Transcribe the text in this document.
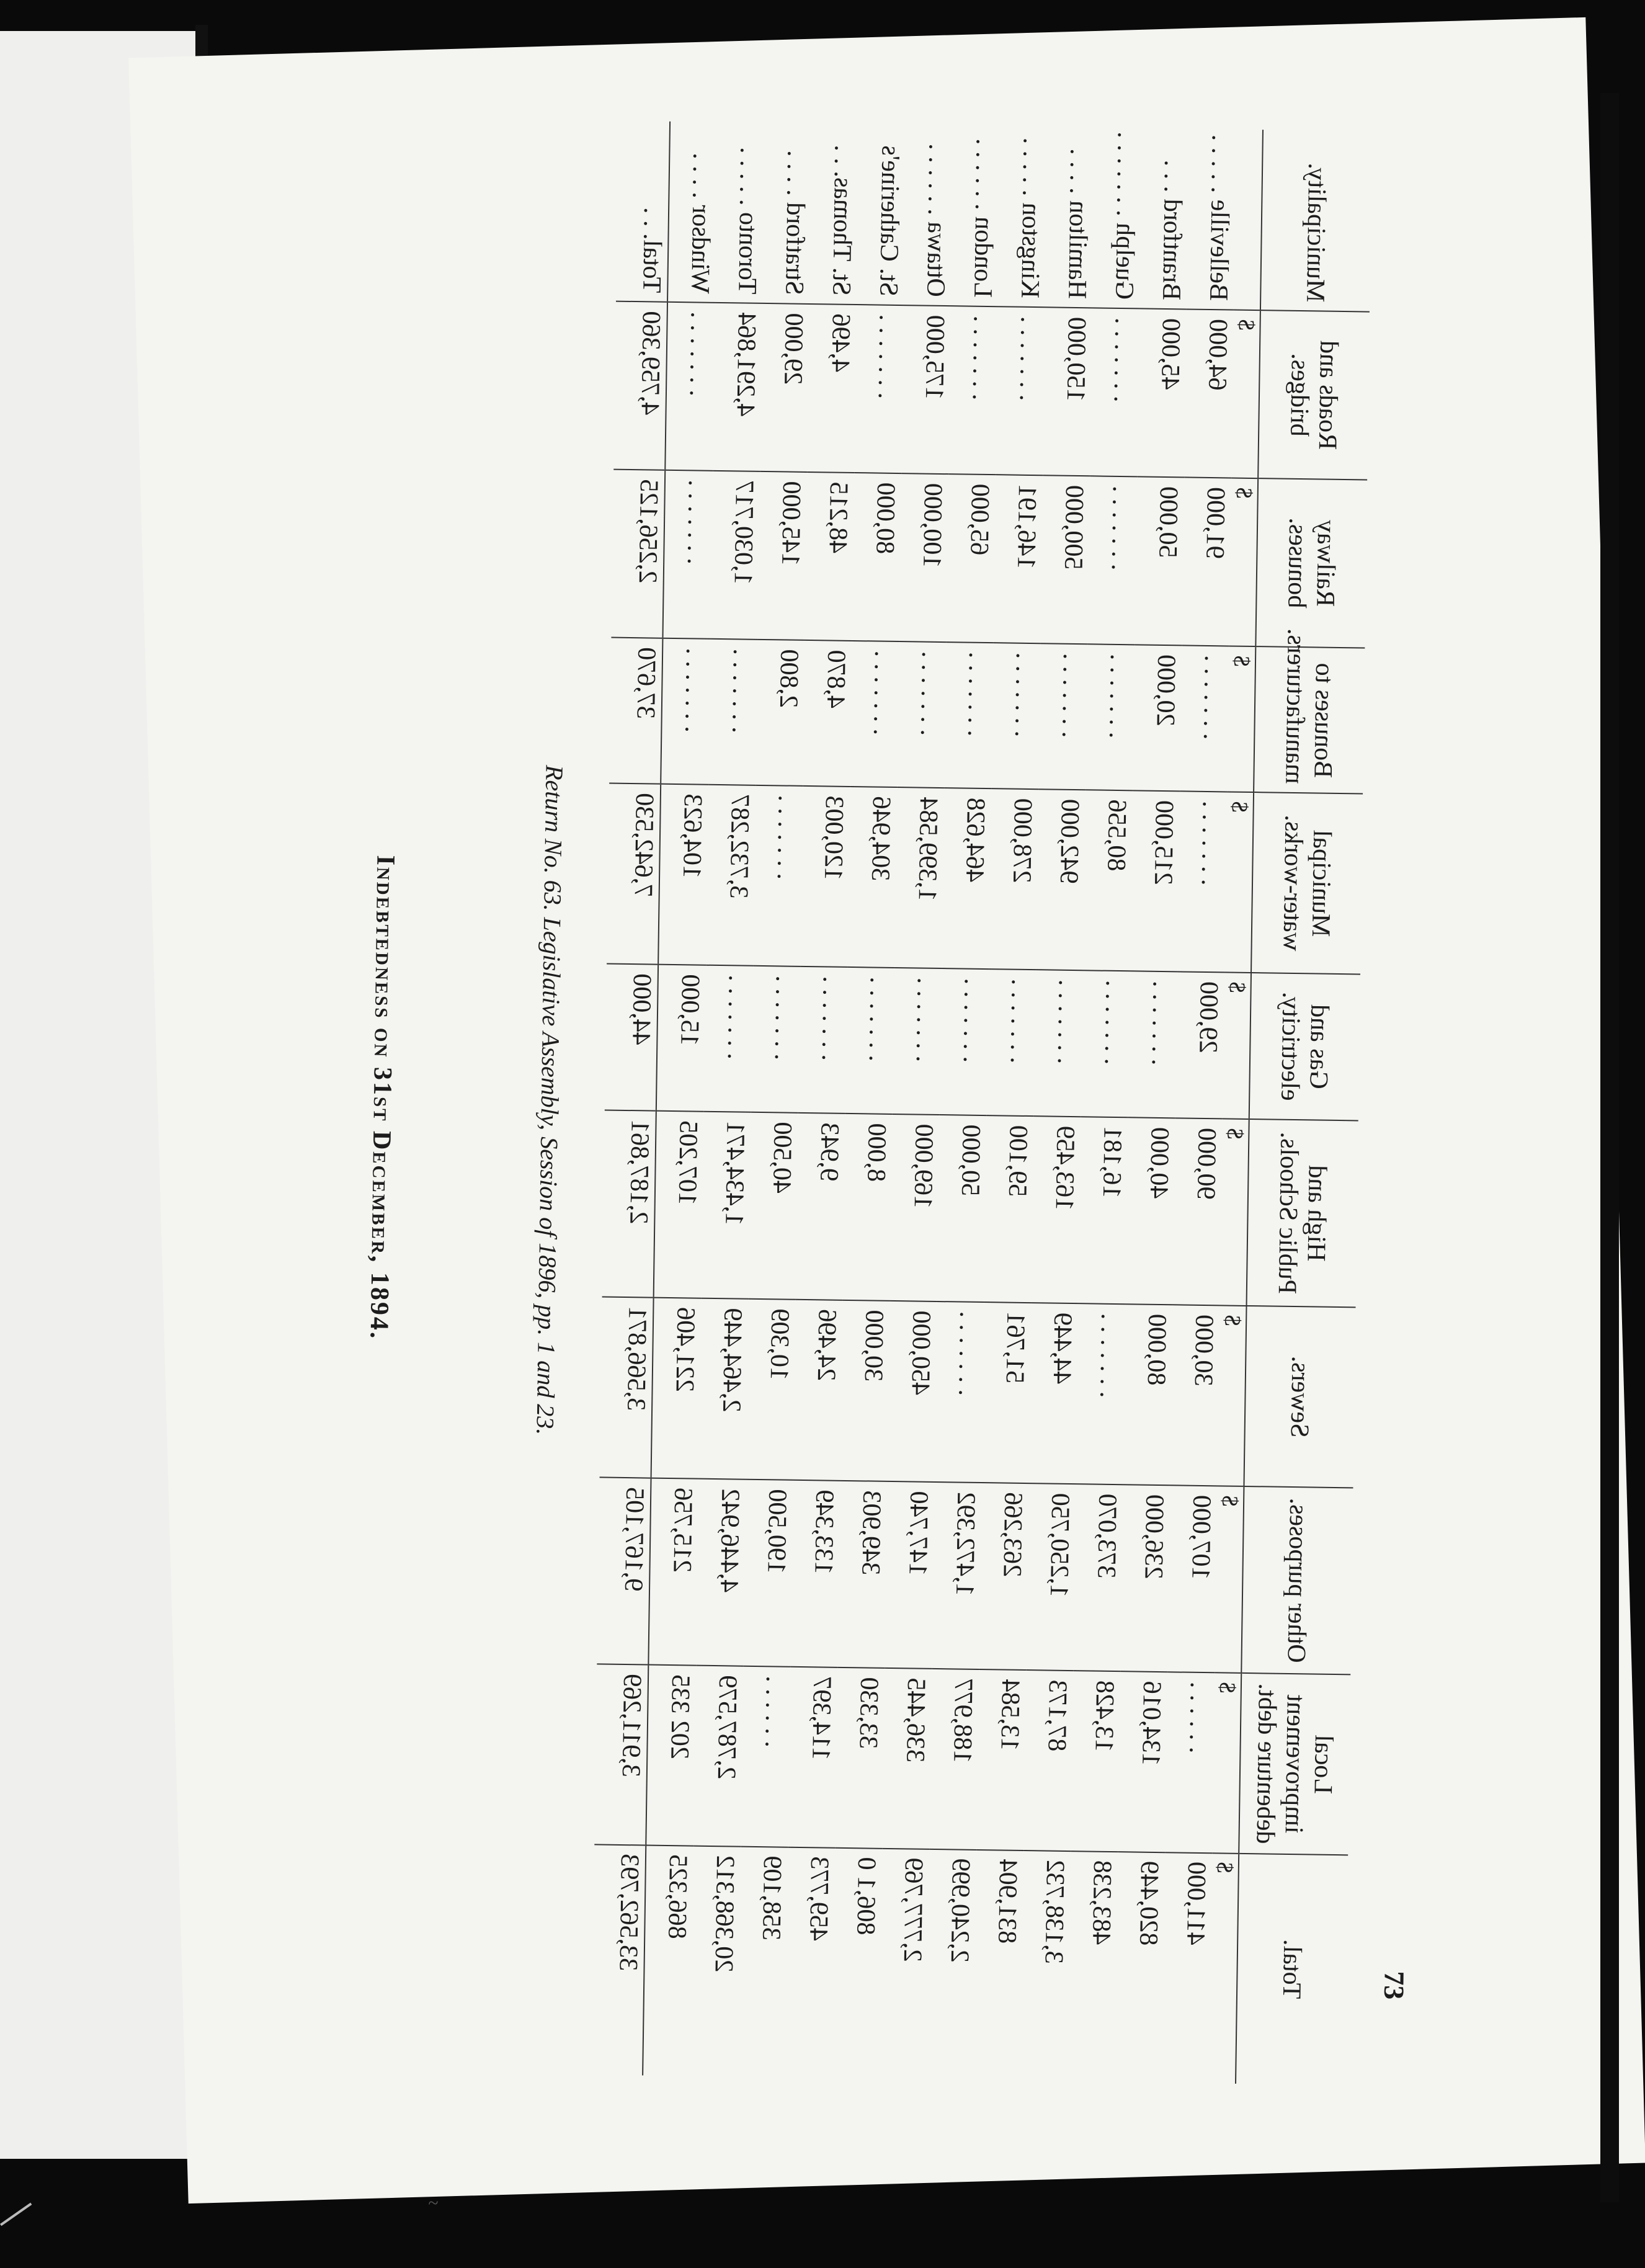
73
Municipality.	Roads and bridges.	Railway bonuses.	Bonuses to manufacturers.	Municipal water-works.	Gas and electricity.	High and Public Schools.	Sewers.	Other purposes.	Local improvement debenture debt.	Total.
	$	$	$	$	$	$	$	$	$	$
Belleville . . . . .	64,000	91,000	. . . . . . .	. . . . . . .	29,000	90,000	30,000	107,000	. . . . . .	411,000
Brantford . . .	45,000	50,000	20,000	215,000	. . . . . . .	40,000	80,000	236,000	134,016	820,449
Guelph . . . . . . .	. . . . . . .	. . . . . . .	. . . . . . .	80,556	. . . . . . .	16,181	. . . . . . .	373,070	13,428	483,238
Hamilton . . . .	150,000	500,000	. . . . . . .	942,000	. . . . . . .	163,459	44,449	1,250,750	87,173	3,138,732
Kingston . . . . .	. . . . . . .	146,191	. . . . . . .	278,000	. . . . . . .	59,100	51,761	263,266	13,584	831,904
London . . . . . .	. . . . . . .	65,000	. . . . . . .	464,628	. . . . . . .	50,000	. . . . . . .	1,472,392	188,977	2,240,999
Ottawa . . . . . .	175,000	100,000	. . . . . . .	1,399,584	. . . . . . .	169,000	450,000	147,740	336,445	2,777,769
St. Catherine's	. . . . . . .	80,000	. . . . . . .	304,946	. . . . . . .	8,000	30,000	349,903	33,330	806,1 0
St. Thomas. . .	4,496	48,215	4,870	120,003	. . . . . . .	9,943	24,496	133,349	114,397	459,773
Stratford . . . .	29,000	145,000	2,800	. . . . . . .	. . . . . . .	40,500	10,309	190,500	. . . . . .	358,109
Toronto . . . . .	4,291,864	1,030,717	. . . . . . .	3,732,287	. . . . . . .	1,434,471	2,464,449	4,446,942	2,787,579	20,368,312
Windsor . . . .	. . . . . . .	. . . . . . .	. . . . . . .	104,623	15,000	107,205	221,406	215,756	202 335	866,325
Total. . .	4,759,360	2,256,125	37,670	7,642,530	44,000	2,187,861	3,566,871	9,167,105	3,911,269	33,562,793
Indebtedness on 31st December, 1894.	Return No. 63. Legislative Assembly, Session of 1896, pp. 1 and 23.
~
